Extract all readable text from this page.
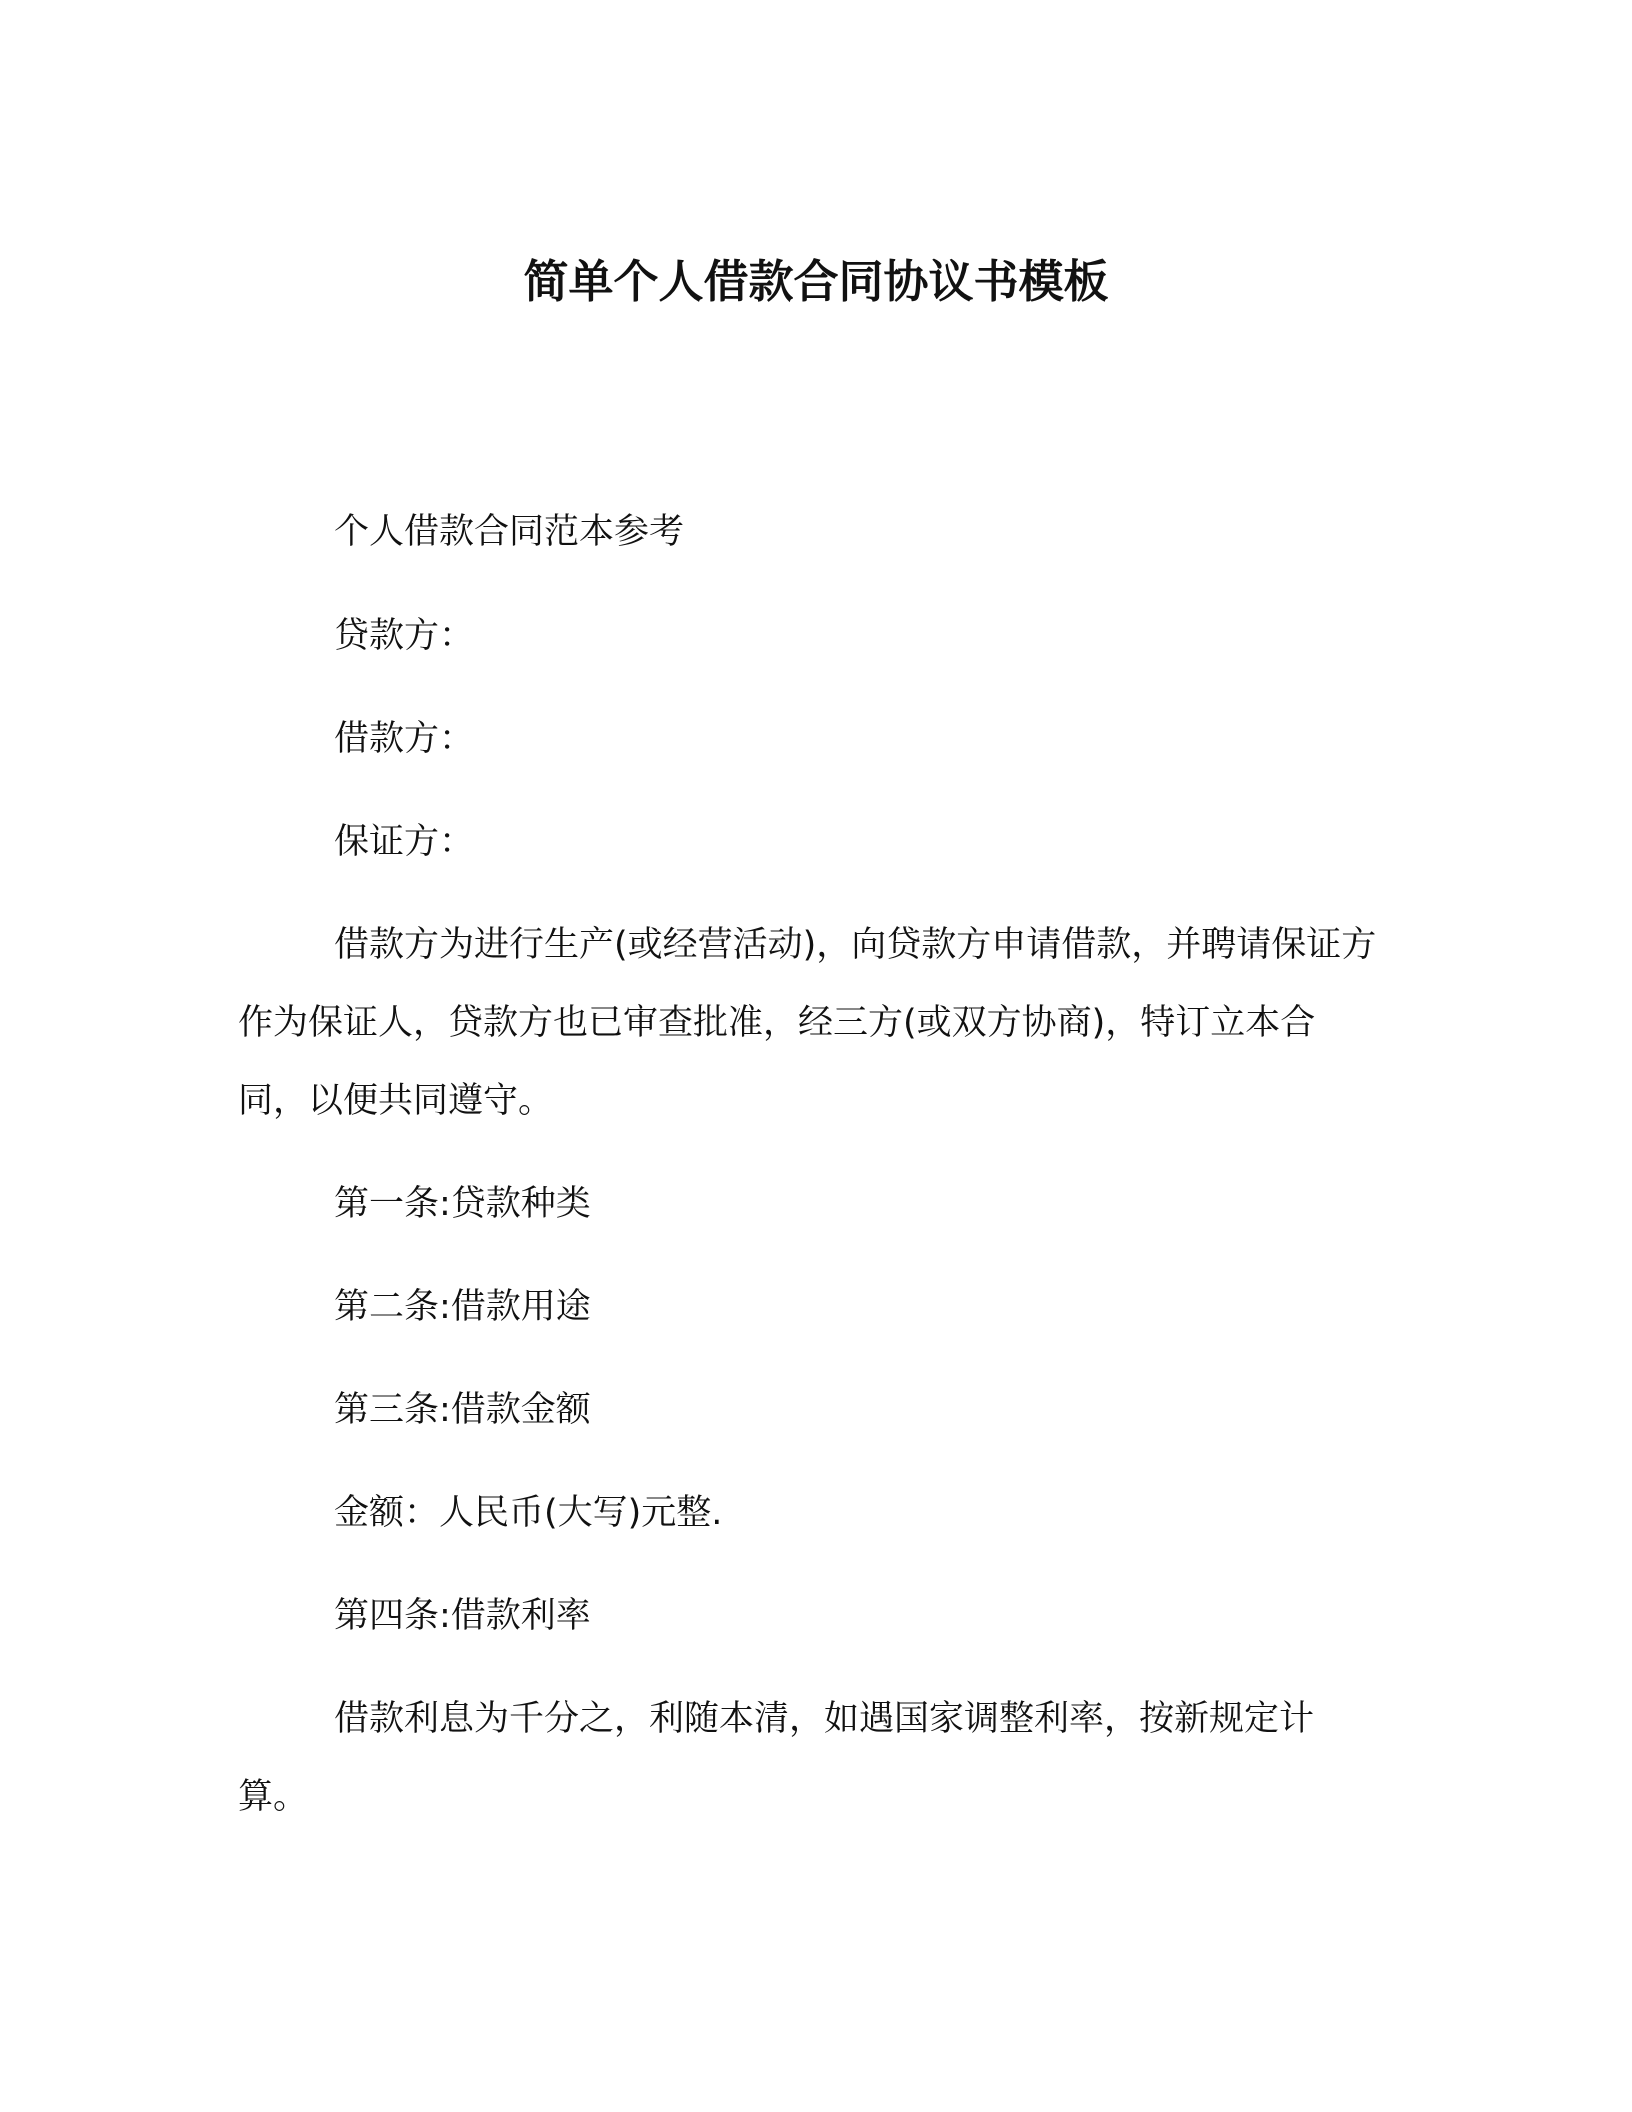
简单个人借款合同协议书模板

个人借款合同范本参考

贷款方：

借款方：

保证方：

借款方为进行生产(或经营活动)，向贷款方申请借款，并聘请保证方作为保证人，贷款方也已审查批准，经三方(或双方协商)，特订立本合同，以便共同遵守。

第一条:贷款种类

第二条:借款用途

第三条:借款金额

金额：人民币(大写)元整.

第四条:借款利率

借款利息为千分之，利随本清，如遇国家调整利率，按新规定计算。
